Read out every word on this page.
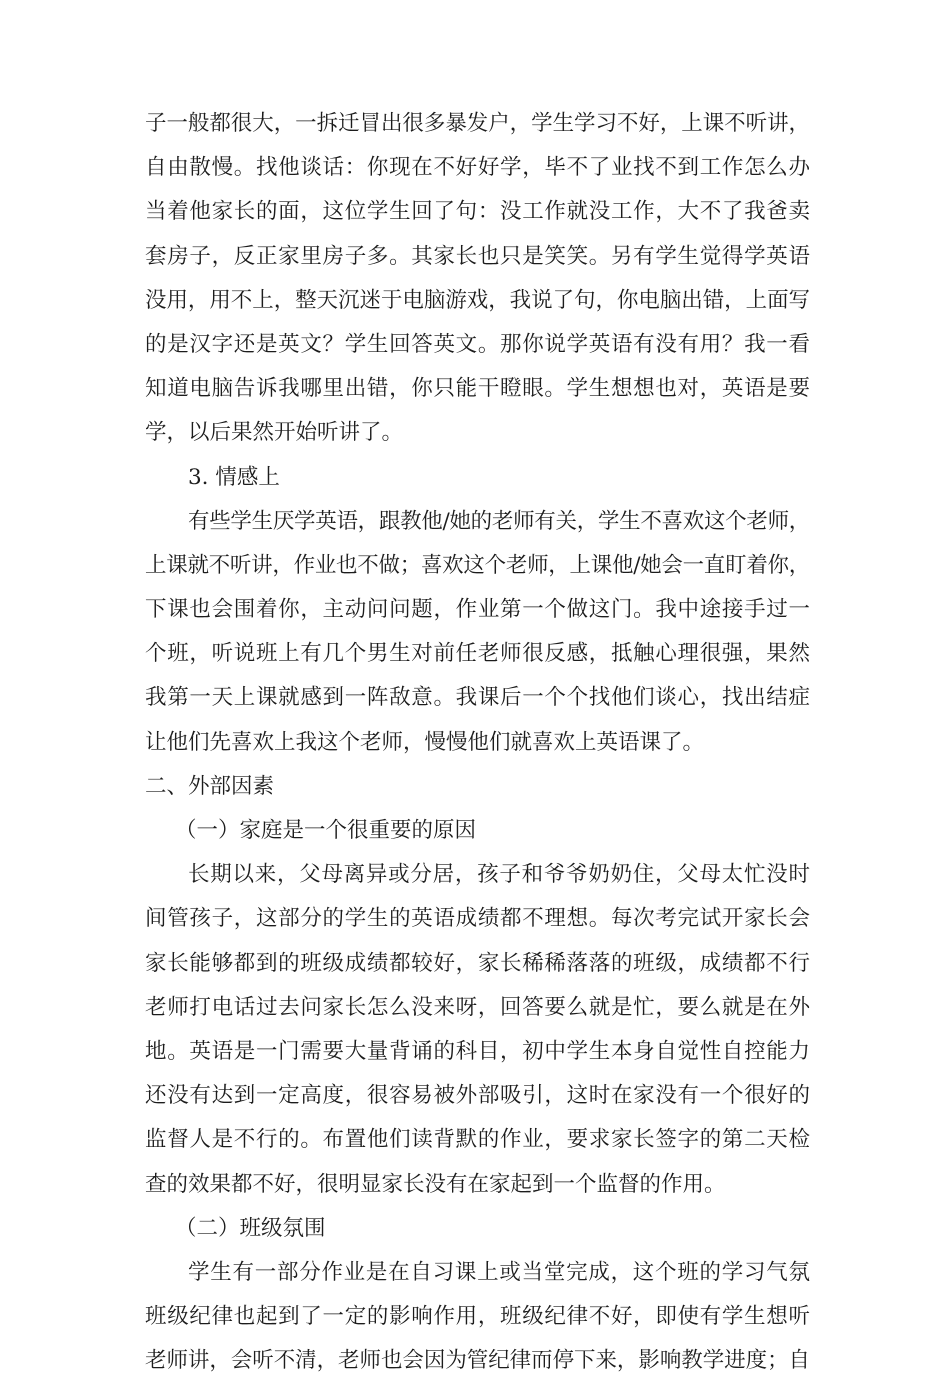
子一般都很大，一拆迁冒出很多暴发户，学生学习不好，上课不听讲，
自由散慢。找他谈话：你现在不好好学，毕不了业找不到工作怎么办
当着他家长的面，这位学生回了句：没工作就没工作，大不了我爸卖
套房子，反正家里房子多。其家长也只是笑笑。另有学生觉得学英语
没用，用不上，整天沉迷于电脑游戏，我说了句，你电脑出错，上面写
的是汉字还是英文？学生回答英文。那你说学英语有没有用？我一看
知道电脑告诉我哪里出错，你只能干瞪眼。学生想想也对，英语是要
学，以后果然开始听讲了。
3. 情感上
有些学生厌学英语，跟教他/她的老师有关，学生不喜欢这个老师，
上课就不听讲，作业也不做；喜欢这个老师，上课他/她会一直盯着你，
下课也会围着你，主动问问题，作业第一个做这门。我中途接手过一
个班，听说班上有几个男生对前任老师很反感，抵触心理很强，果然
我第一天上课就感到一阵敌意。我课后一个个找他们谈心，找出结症
让他们先喜欢上我这个老师，慢慢他们就喜欢上英语课了。
二、外部因素
（一）家庭是一个很重要的原因
长期以来，父母离异或分居，孩子和爷爷奶奶住，父母太忙没时
间管孩子，这部分的学生的英语成绩都不理想。每次考完试开家长会
家长能够都到的班级成绩都较好，家长稀稀落落的班级，成绩都不行
老师打电话过去问家长怎么没来呀，回答要么就是忙，要么就是在外
地。英语是一门需要大量背诵的科目，初中学生本身自觉性自控能力
还没有达到一定高度，很容易被外部吸引，这时在家没有一个很好的
监督人是不行的。布置他们读背默的作业，要求家长签字的第二天检
查的效果都不好，很明显家长没有在家起到一个监督的作用。
（二）班级氛围
学生有一部分作业是在自习课上或当堂完成，这个班的学习气氛
班级纪律也起到了一定的影响作用，班级纪律不好，即使有学生想听
老师讲，会听不清，老师也会因为管纪律而停下来，影响教学进度；自
